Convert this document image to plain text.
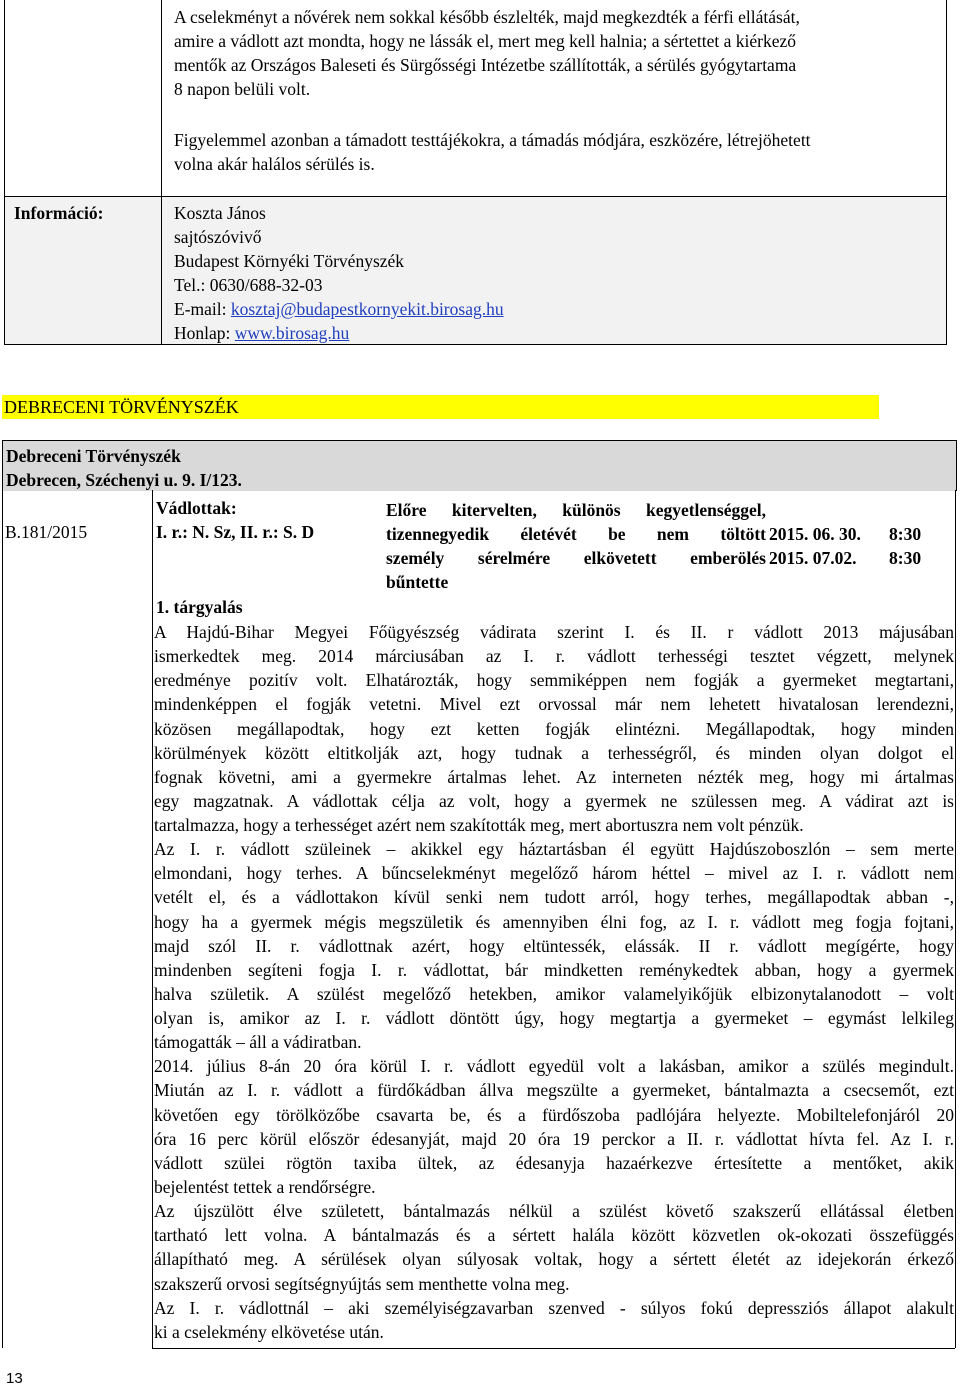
A cselekményt a nővérek nem sokkal később észlelték, majd megkezdték a férfi ellátását,
amire a vádlott azt mondta, hogy ne lássák el, mert meg kell halnia; a sértettet a kiérkező
mentők az Országos Baleseti és Sürgősségi Intézetbe szállították, a sérülés gyógytartama
8 napon belüli volt.
Figyelemmel azonban a támadott testtájékokra, a támadás módjára, eszközére, létrejöhetett
volna akár halálos sérülés is.
Információ:	Koszta János
sajtószóvivő
Budapest Környéki Törvényszék
Tel.: 0630/688-32-03
E-mail: kosztaj@budapestkornyekit.birosag.hu
Honlap: www.birosag.hu
DEBRECENI TÖRVÉNYSZÉK
Debreceni Törvényszék
Debrecen, Széchenyi u. 9. I/123.
B.181/2015
Vádlottak:
I. r.: N. Sz, II. r.: S. D
Előre kitervelten, különös kegyetlenséggel,
tizennegyedik életévét be nem töltött
személy sérelmére elkövetett emberölés
bűntette
2015. 06. 30.
2015. 07.02.
8:30
8:30
1. tárgyalás
A Hajdú-Bihar Megyei Főügyészség vádirata szerint I. és II. r vádlott 2013 májusában
ismerkedtek meg. 2014 márciusában az I. r. vádlott terhességi tesztet végzett, melynek
eredménye pozitív volt. Elhatározták, hogy semmiképpen nem fogják a gyermeket megtartani,
mindenképpen el fogják vetetni. Mivel ezt orvossal már nem lehetett hivatalosan lerendezni,
közösen megállapodtak, hogy ezt ketten fogják elintézni. Megállapodtak, hogy minden
körülmények között eltitkolják azt, hogy tudnak a terhességről, és minden olyan dolgot el
fognak követni, ami a gyermekre ártalmas lehet. Az interneten nézték meg, hogy mi ártalmas
egy magzatnak. A vádlottak célja az volt, hogy a gyermek ne szülessen meg. A vádirat azt is
tartalmazza, hogy a terhességet azért nem szakították meg, mert abortuszra nem volt pénzük.
Az I. r. vádlott szüleinek – akikkel egy háztartásban él együtt Hajdúszoboszlón – sem merte
elmondani, hogy terhes. A bűncselekményt megelőző három héttel – mivel az I. r. vádlott nem
vetélt el, és a vádlottakon kívül senki nem tudott arról, hogy terhes, megállapodtak abban -,
hogy ha a gyermek mégis megszületik és amennyiben élni fog, az I. r. vádlott meg fogja fojtani,
majd szól II. r. vádlottnak azért, hogy eltüntessék, elássák. II r. vádlott megígérte, hogy
mindenben segíteni fogja I. r. vádlottat, bár mindketten reménykedtek abban, hogy a gyermek
halva születik. A szülést megelőző hetekben, amikor valamelyikőjük elbizonytalanodott – volt
olyan is, amikor az I. r. vádlott döntött úgy, hogy megtartja a gyermeket – egymást lelkileg
támogatták – áll a vádiratban.
2014. július 8-án 20 óra körül I. r. vádlott egyedül volt a lakásban, amikor a szülés megindult.
Miután az I. r. vádlott a fürdőkádban állva megszülte a gyermeket, bántalmazta a csecsemőt, ezt
követően egy törölközőbe csavarta be, és a fürdőszoba padlójára helyezte. Mobiltelefonjáról 20
óra 16 perc körül először édesanyját, majd 20 óra 19 perckor a II. r. vádlottat hívta fel. Az I. r.
vádlott szülei rögtön taxiba ültek, az édesanyja hazaérkezve értesítette a mentőket, akik
bejelentést tettek a rendőrségre.
Az újszülött élve született, bántalmazás nélkül a szülést követő szakszerű ellátással életben
tartható lett volna. A bántalmazás és a sértett halála között közvetlen ok-okozati összefüggés
állapítható meg. A sérülések olyan súlyosak voltak, hogy a sértett életét az idejekorán érkező
szakszerű orvosi segítségnyújtás sem menthette volna meg.
Az I. r. vádlottnál – aki személyiségzavarban szenved - súlyos fokú depressziós állapot alakult
ki a cselekmény elkövetése után.
13
